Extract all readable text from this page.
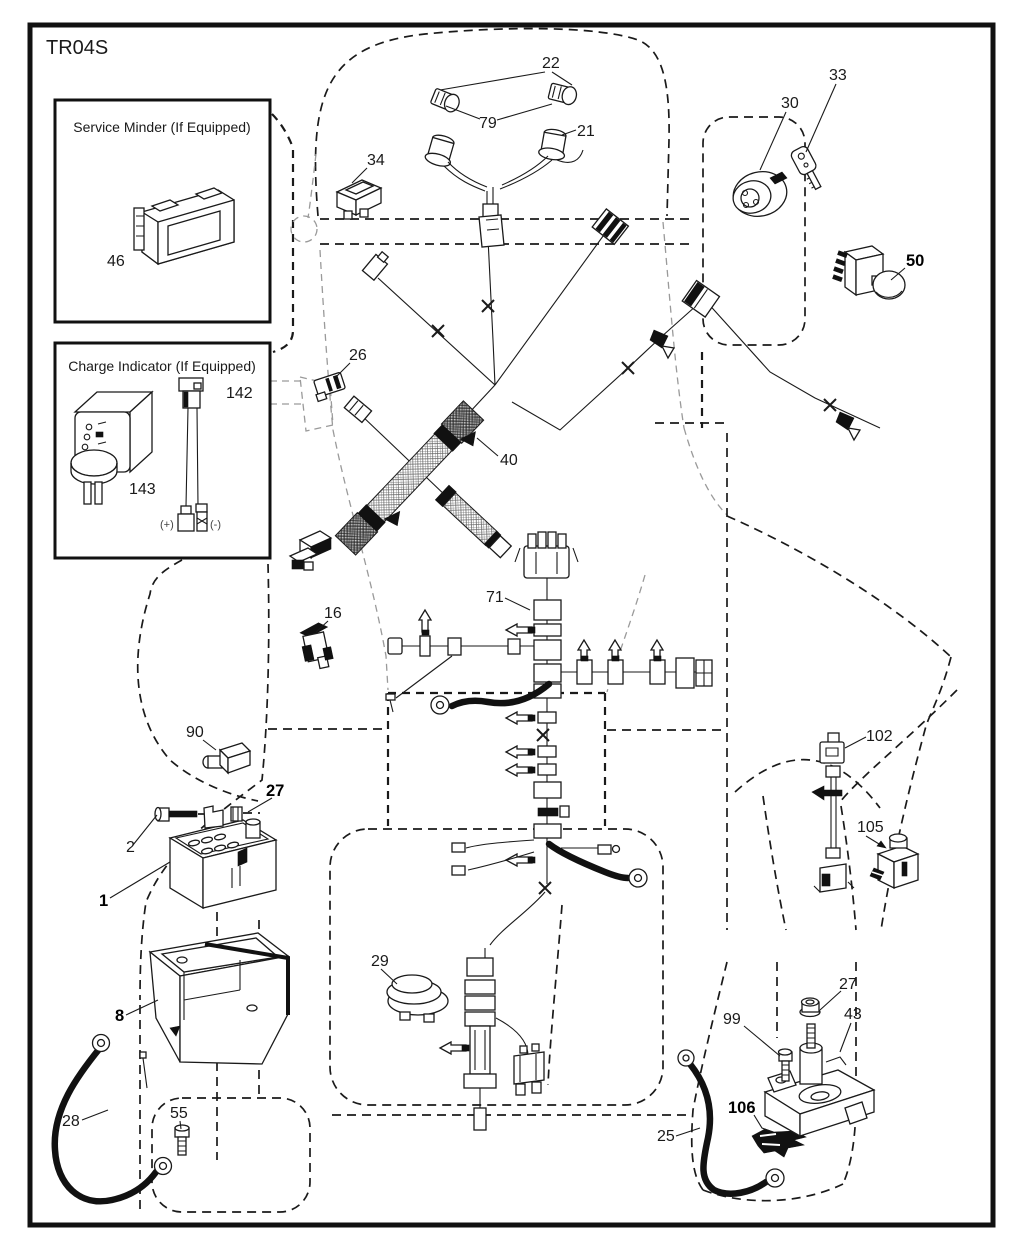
22
79	21
34
30
33
50
26
40
16
71
90
27
2
1
8
29
28	55
102
105
27
99	43
106
25
Service Minder (If Equipped)
46
Charge Indicator (If Equipped)
142
143
(+)	(-)
TR04S
